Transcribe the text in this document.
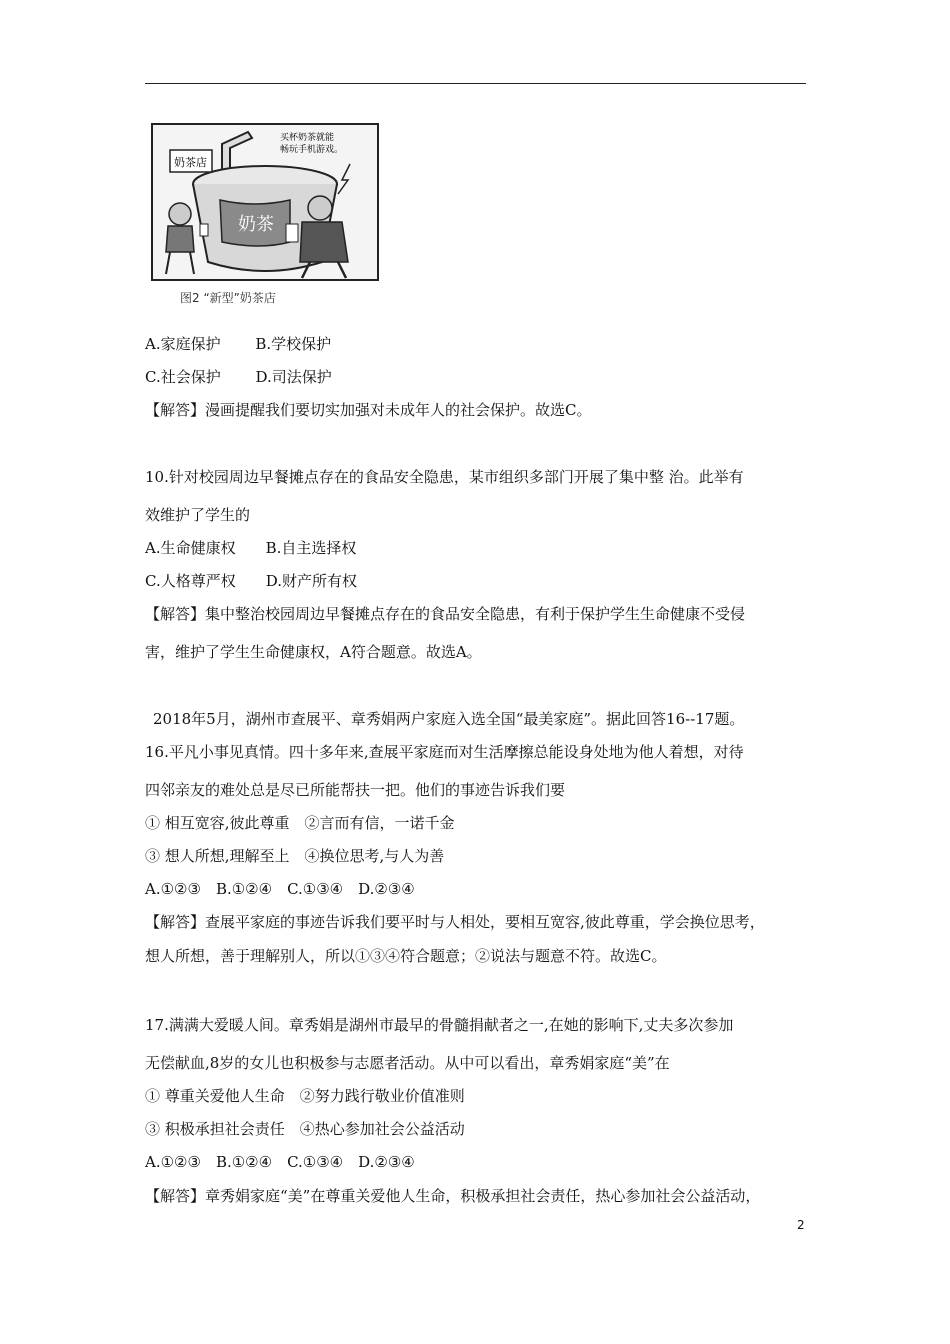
奶茶
奶茶店
买杯奶茶就能
畅玩手机游戏。
图2 “新型”奶茶店
A.家庭保护　　 B.学校保护
C.社会保护　　 D.司法保护
【解答】漫画提醒我们要切实加强对未成年人的社会保护。故选C。
10.针对校园周边早餐摊点存在的食品安全隐患，某市组织多部门开展了集中整 治。此举有
效维护了学生的
A.生命健康权　　B.自主选择权
C.人格尊严权　　D.财产所有权
【解答】集中整治校园周边早餐摊点存在的食品安全隐患，有利于保护学生生命健康不受侵
害，维护了学生生命健康权，A符合题意。故选A。
2018年5月，湖州市查展平、章秀娟两户家庭入选全国“最美家庭”。据此回答16--17题。
16.平凡小事见真情。四十多年来,查展平家庭而对生活摩擦总能设身处地为他人着想，对待
四邻亲友的难处总是尽已所能帮扶一把。他们的事迹告诉我们要
① 相互宽容,彼此尊重　②言而有信，一诺千金
③ 想人所想,理解至上　④换位思考,与人为善
A.①②③　B.①②④　C.①③④　D.②③④
【解答】查展平家庭的事迹告诉我们要平时与人相处，要相互宽容,彼此尊重，学会换位思考，
想人所想，善于理解别人，所以①③④符合题意；②说法与题意不符。故选C。
17.满满大爱暖人间。章秀娟是湖州市最早的骨髓捐献者之一,在她的影响下,丈夫多次参加
无偿献血,8岁的女儿也积极参与志愿者活动。从中可以看出，章秀娟家庭“美”在
① 尊重关爱他人生命　②努力践行敬业价值准则
③ 积极承担社会责任　④热心参加社会公益活动
A.①②③　B.①②④　C.①③④　D.②③④
【解答】章秀娟家庭“美”在尊重关爱他人生命，积极承担社会责任，热心参加社会公益活动，
2
